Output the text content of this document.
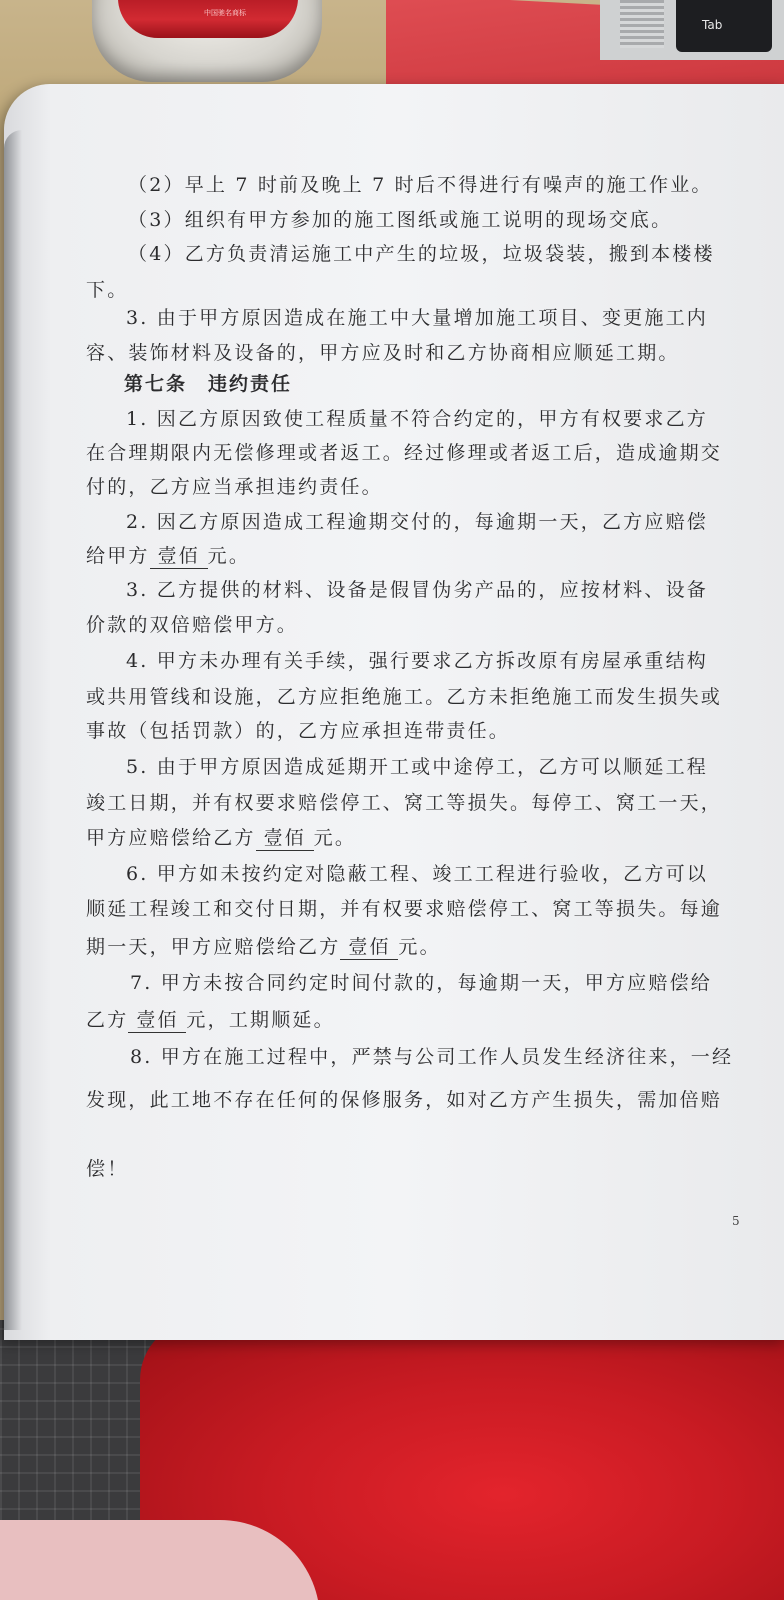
中国驰名商标
Tab
（2）早上 7 时前及晚上 7 时后不得进行有噪声的施工作业。
（3）组织有甲方参加的施工图纸或施工说明的现场交底。
（4）乙方负责清运施工中产生的垃圾，垃圾袋装，搬到本楼楼
下。
3. 由于甲方原因造成在施工中大量增加施工项目、变更施工内
容、装饰材料及设备的，甲方应及时和乙方协商相应顺延工期。
第七条　违约责任
1. 因乙方原因致使工程质量不符合约定的，甲方有权要求乙方
在合理期限内无偿修理或者返工。经过修理或者返工后，造成逾期交
付的，乙方应当承担违约责任。
2. 因乙方原因造成工程逾期交付的，每逾期一天，乙方应赔偿
给甲方 壹佰 元。
3. 乙方提供的材料、设备是假冒伪劣产品的，应按材料、设备
价款的双倍赔偿甲方。
4. 甲方未办理有关手续，强行要求乙方拆改原有房屋承重结构
或共用管线和设施，乙方应拒绝施工。乙方未拒绝施工而发生损失或
事故（包括罚款）的，乙方应承担连带责任。
5. 由于甲方原因造成延期开工或中途停工，乙方可以顺延工程
竣工日期，并有权要求赔偿停工、窝工等损失。每停工、窝工一天，
甲方应赔偿给乙方 壹佰 元。
6. 甲方如未按约定对隐蔽工程、竣工工程进行验收，乙方可以
顺延工程竣工和交付日期，并有权要求赔偿停工、窝工等损失。每逾
期一天，甲方应赔偿给乙方 壹佰 元。
7. 甲方未按合同约定时间付款的，每逾期一天，甲方应赔偿给
乙方 壹佰 元，工期顺延。
8. 甲方在施工过程中，严禁与公司工作人员发生经济往来，一经
发现，此工地不存在任何的保修服务，如对乙方产生损失，需加倍赔
偿！
5
